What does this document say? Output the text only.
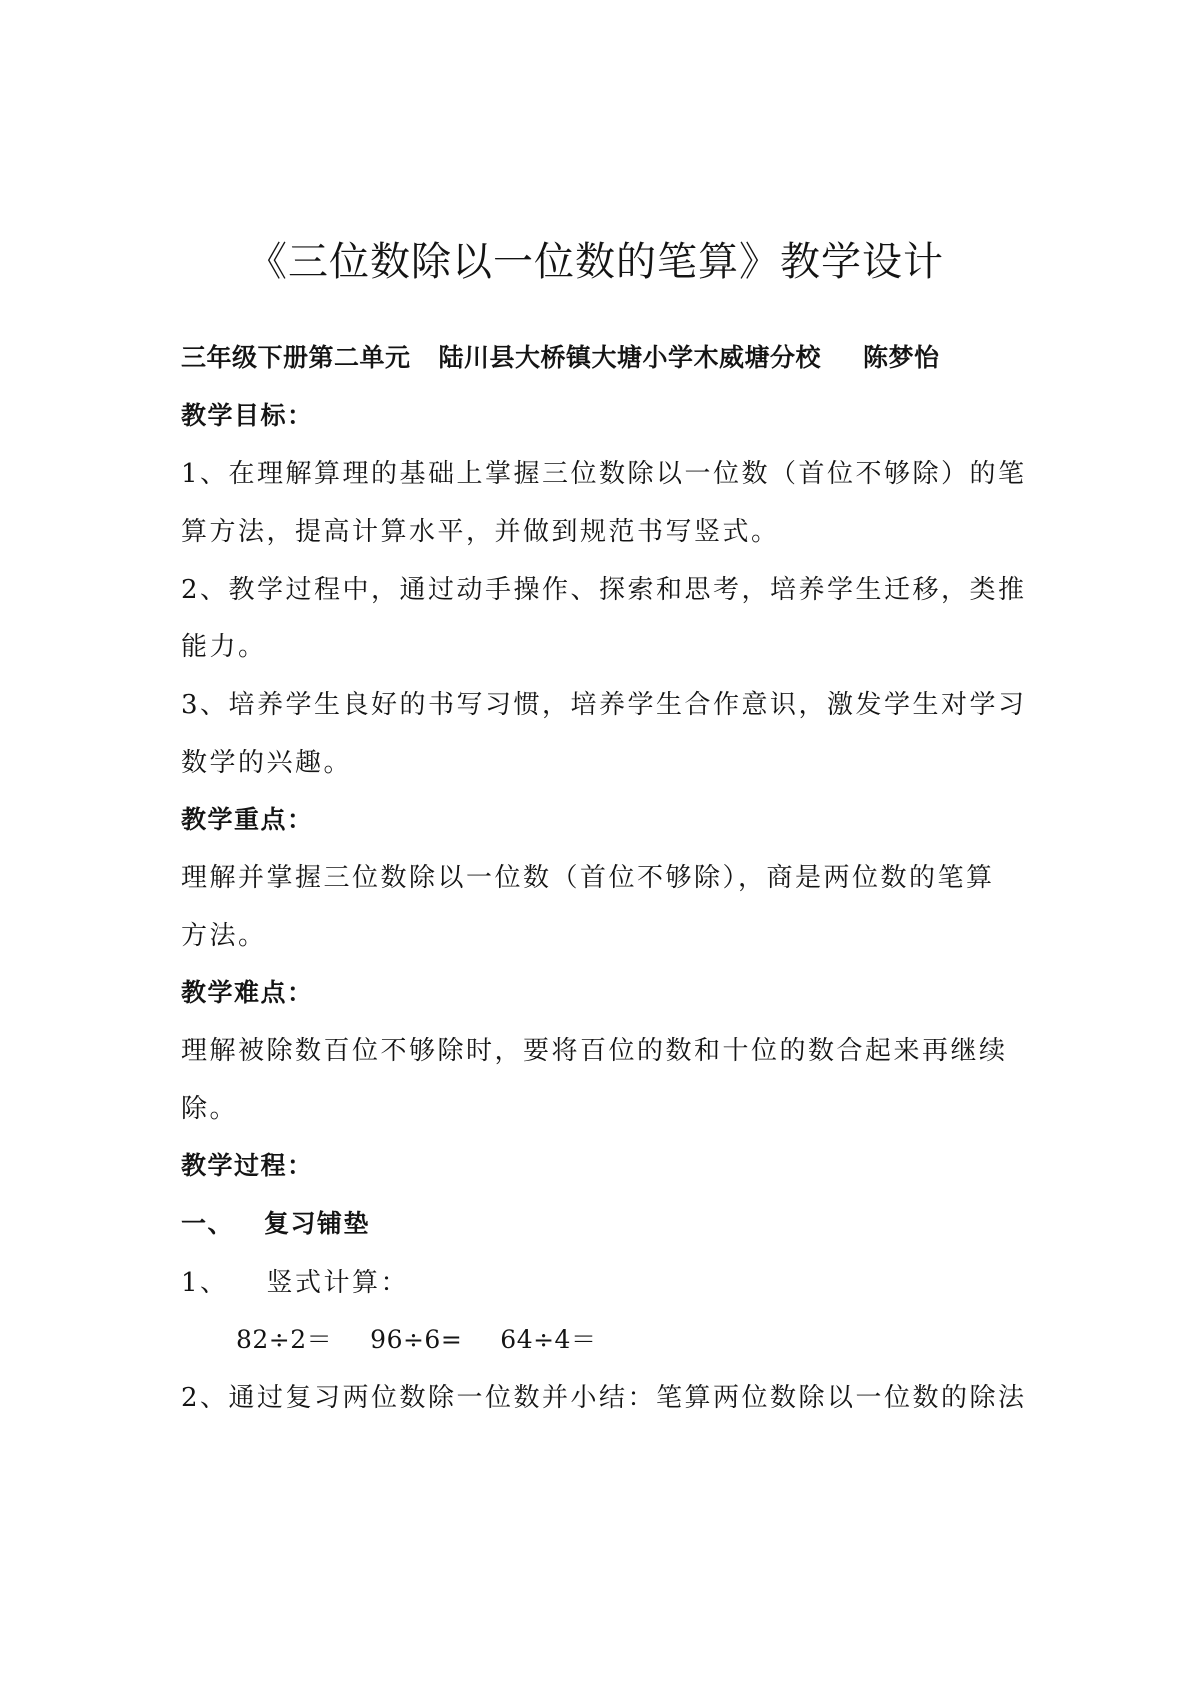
《三位数除以一位数的笔算》教学设计
三年级下册第二单元 陆川县大桥镇大塘小学木威塘分校 陈梦怡
教学目标：
1、在理解算理的基础上掌握三位数除以一位数（首位不够除）的笔
算方法，提高计算水平，并做到规范书写竖式。
2、教学过程中，通过动手操作、探索和思考，培养学生迁移，类推
能力。
3、培养学生良好的书写习惯，培养学生合作意识，激发学生对学习
数学的兴趣。
教学重点：
理解并掌握三位数除以一位数（首位不够除），商是两位数的笔算
方法。
教学难点：
理解被除数百位不够除时，要将百位的数和十位的数合起来再继续
除。
教学过程：
一、 复习铺垫
1、 竖式计算：
82÷2＝ 96÷6= 64÷4＝
2、通过复习两位数除一位数并小结：笔算两位数除以一位数的除法
